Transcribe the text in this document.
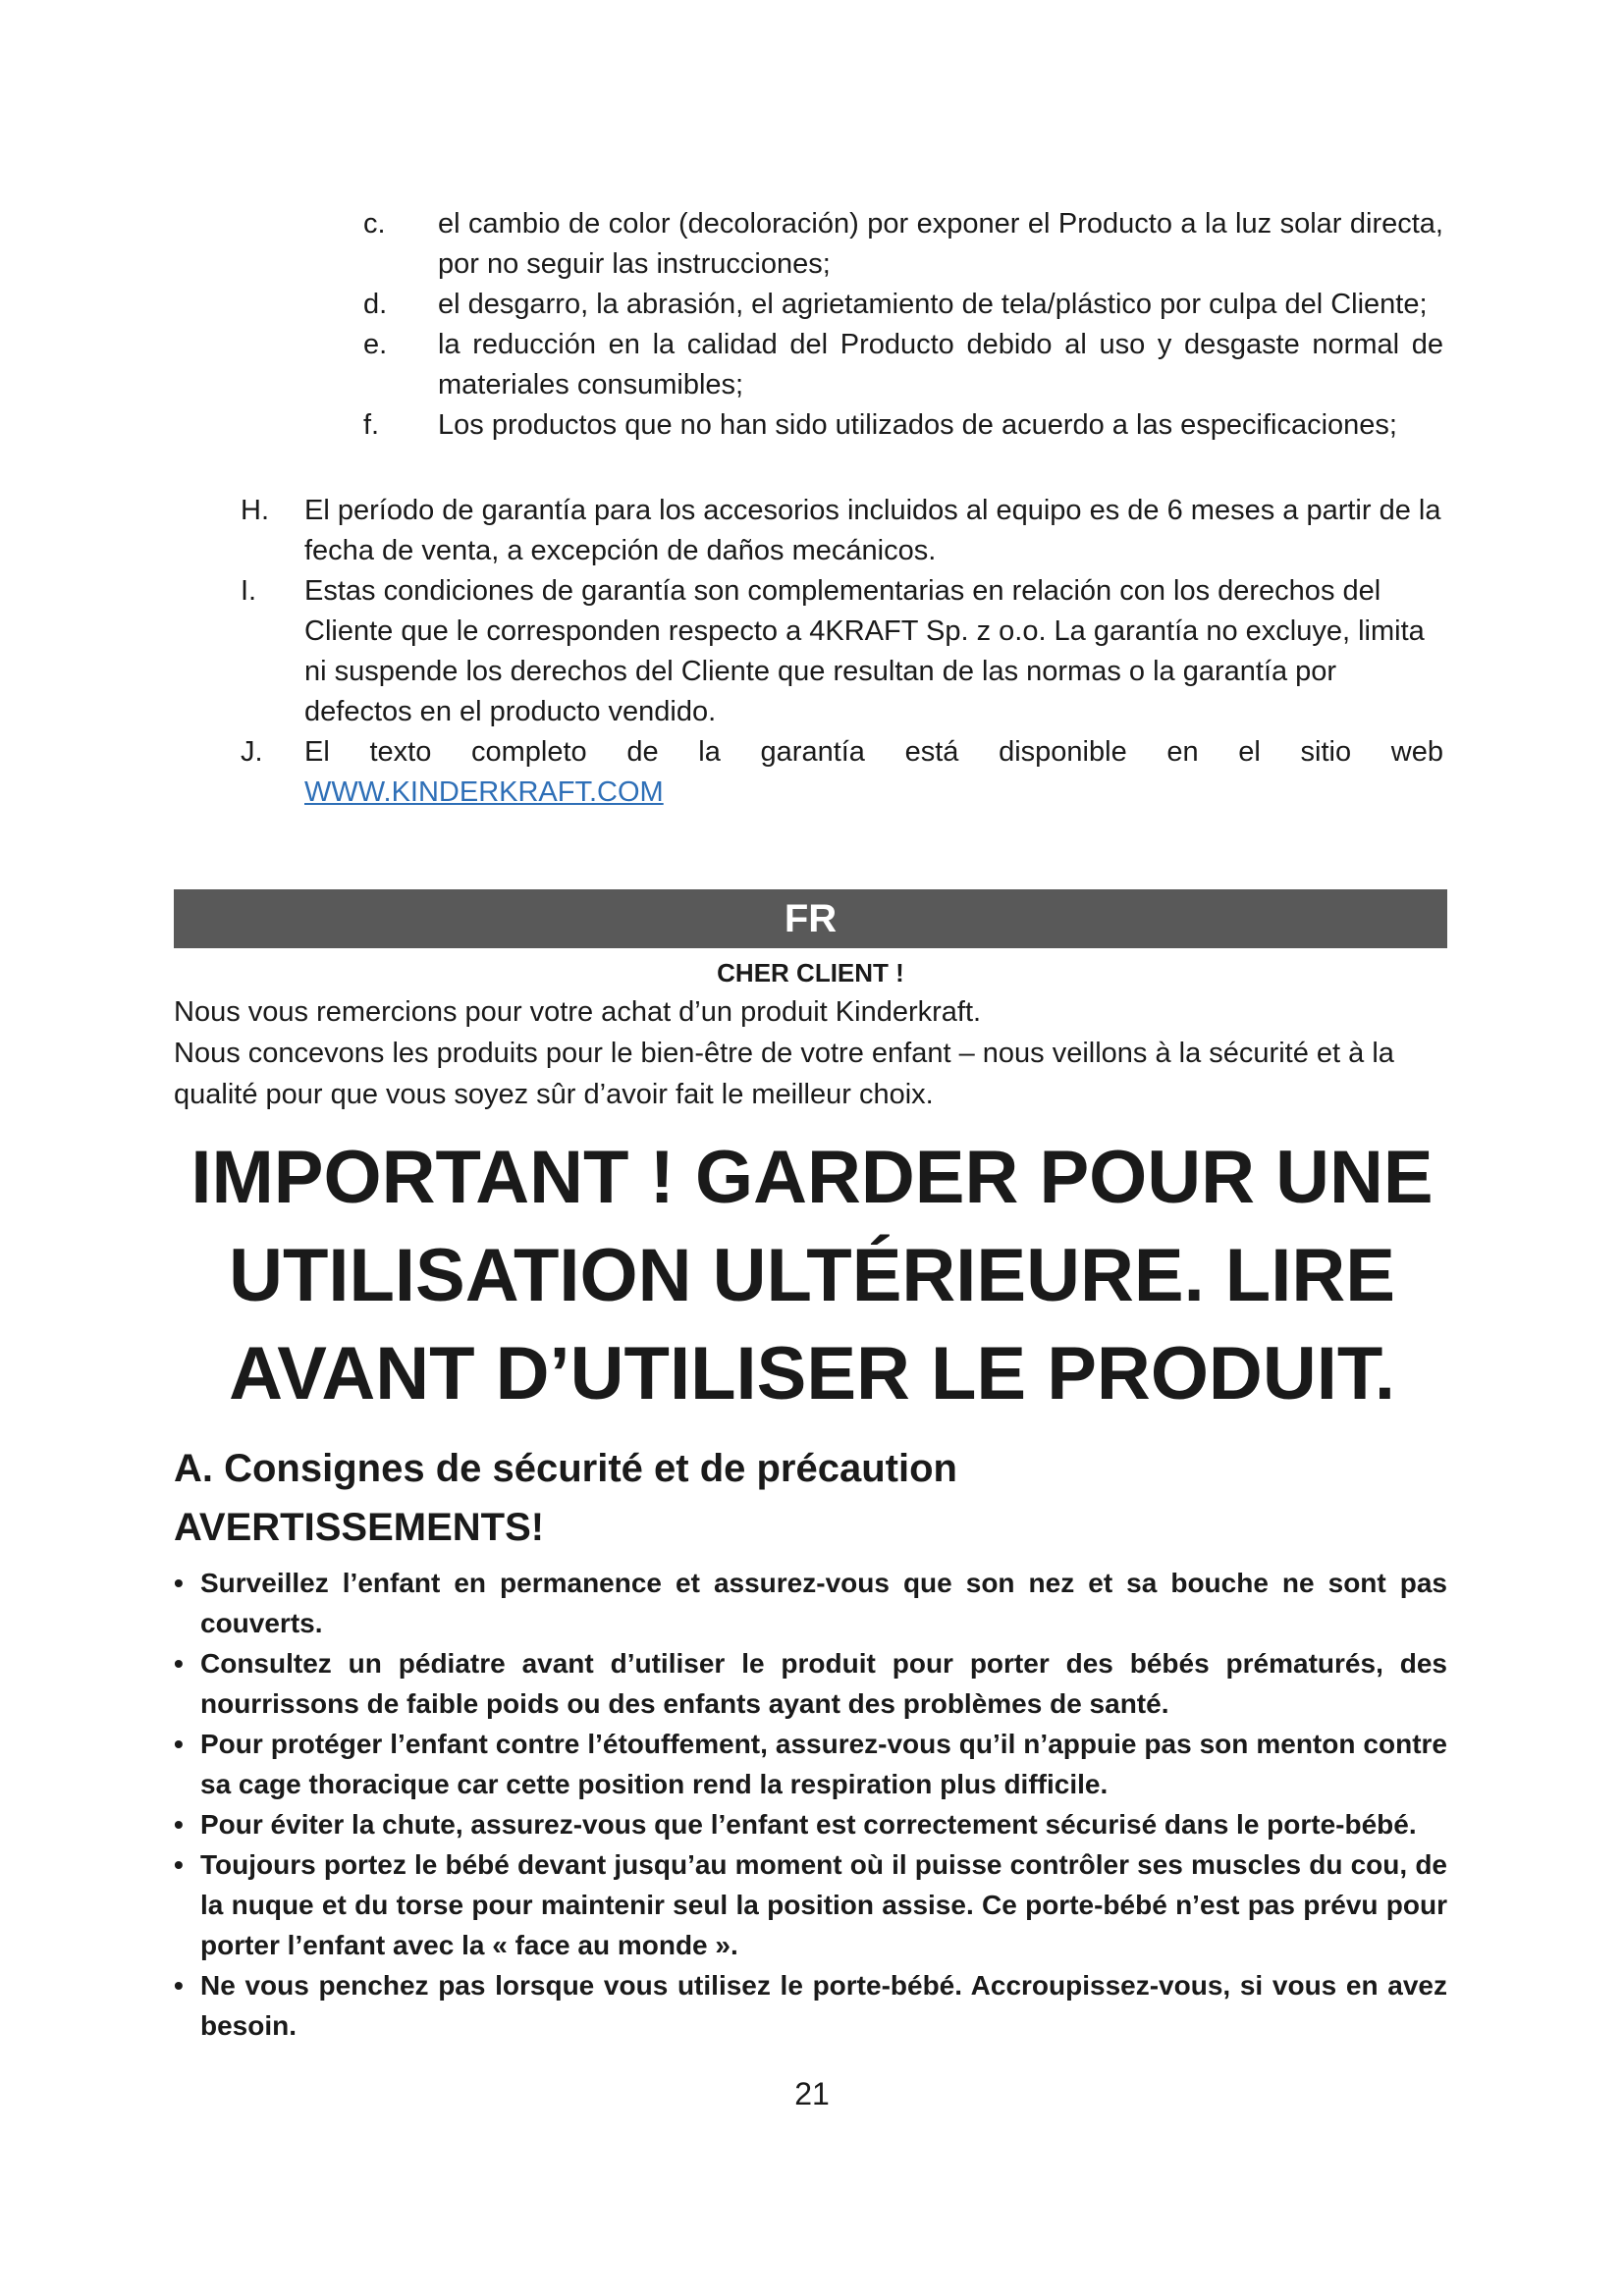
c. el cambio de color (decoloración) por exponer el Producto a la luz solar directa, por no seguir las instrucciones;
d. el desgarro, la abrasión, el agrietamiento de tela/plástico por culpa del Cliente;
e. la reducción en la calidad del Producto debido al uso y desgaste normal de materiales consumibles;
f. Los productos que no han sido utilizados de acuerdo a las especificaciones;
H. El período de garantía para los accesorios incluidos al equipo es de 6 meses a partir de la fecha de venta, a excepción de daños mecánicos.
I. Estas condiciones de garantía son complementarias en relación con los derechos del Cliente que le corresponden respecto a 4KRAFT Sp. z o.o. La garantía no excluye, limita ni suspende los derechos del Cliente que resultan de las normas o la garantía por defectos en el producto vendido.
J. El texto completo de la garantía está disponible en el sitio web
WWW.KINDERKRAFT.COM
FR
CHER CLIENT !

Nous vous remercions pour votre achat d’un produit Kinderkraft.

Nous concevons les produits pour le bien-être de votre enfant – nous veillons à la sécurité et à la qualité pour que vous soyez sûr d’avoir fait le meilleur choix.

IMPORTANT ! GARDER POUR UNE
UTILISATION ULTÉRIEURE. LIRE
AVANT D’UTILISER LE PRODUIT.
A. Consignes de sécurité et de précaution
AVERTISSEMENTS!
• Surveillez l’enfant en permanence et assurez-vous que son nez et sa bouche ne sont pas couverts.
• Consultez un pédiatre avant d’utiliser le produit pour porter des bébés prématurés, des nourrissons de faible poids ou des enfants ayant des problèmes de santé.
• Pour protéger l’enfant contre l’étouffement, assurez-vous qu’il n’appuie pas son menton contre sa cage thoracique car cette position rend la respiration plus difficile.
• Pour éviter la chute, assurez-vous que l’enfant est correctement sécurisé dans le porte-bébé.
• Toujours portez le bébé devant jusqu’au moment où il puisse contrôler ses muscles du cou, de la nuque et du torse pour maintenir seul la position assise. Ce porte-bébé n’est pas prévu pour porter l’enfant avec la « face au monde ».
• Ne vous penchez pas lorsque vous utilisez le porte-bébé. Accroupissez-vous, si vous en avez besoin.
21
